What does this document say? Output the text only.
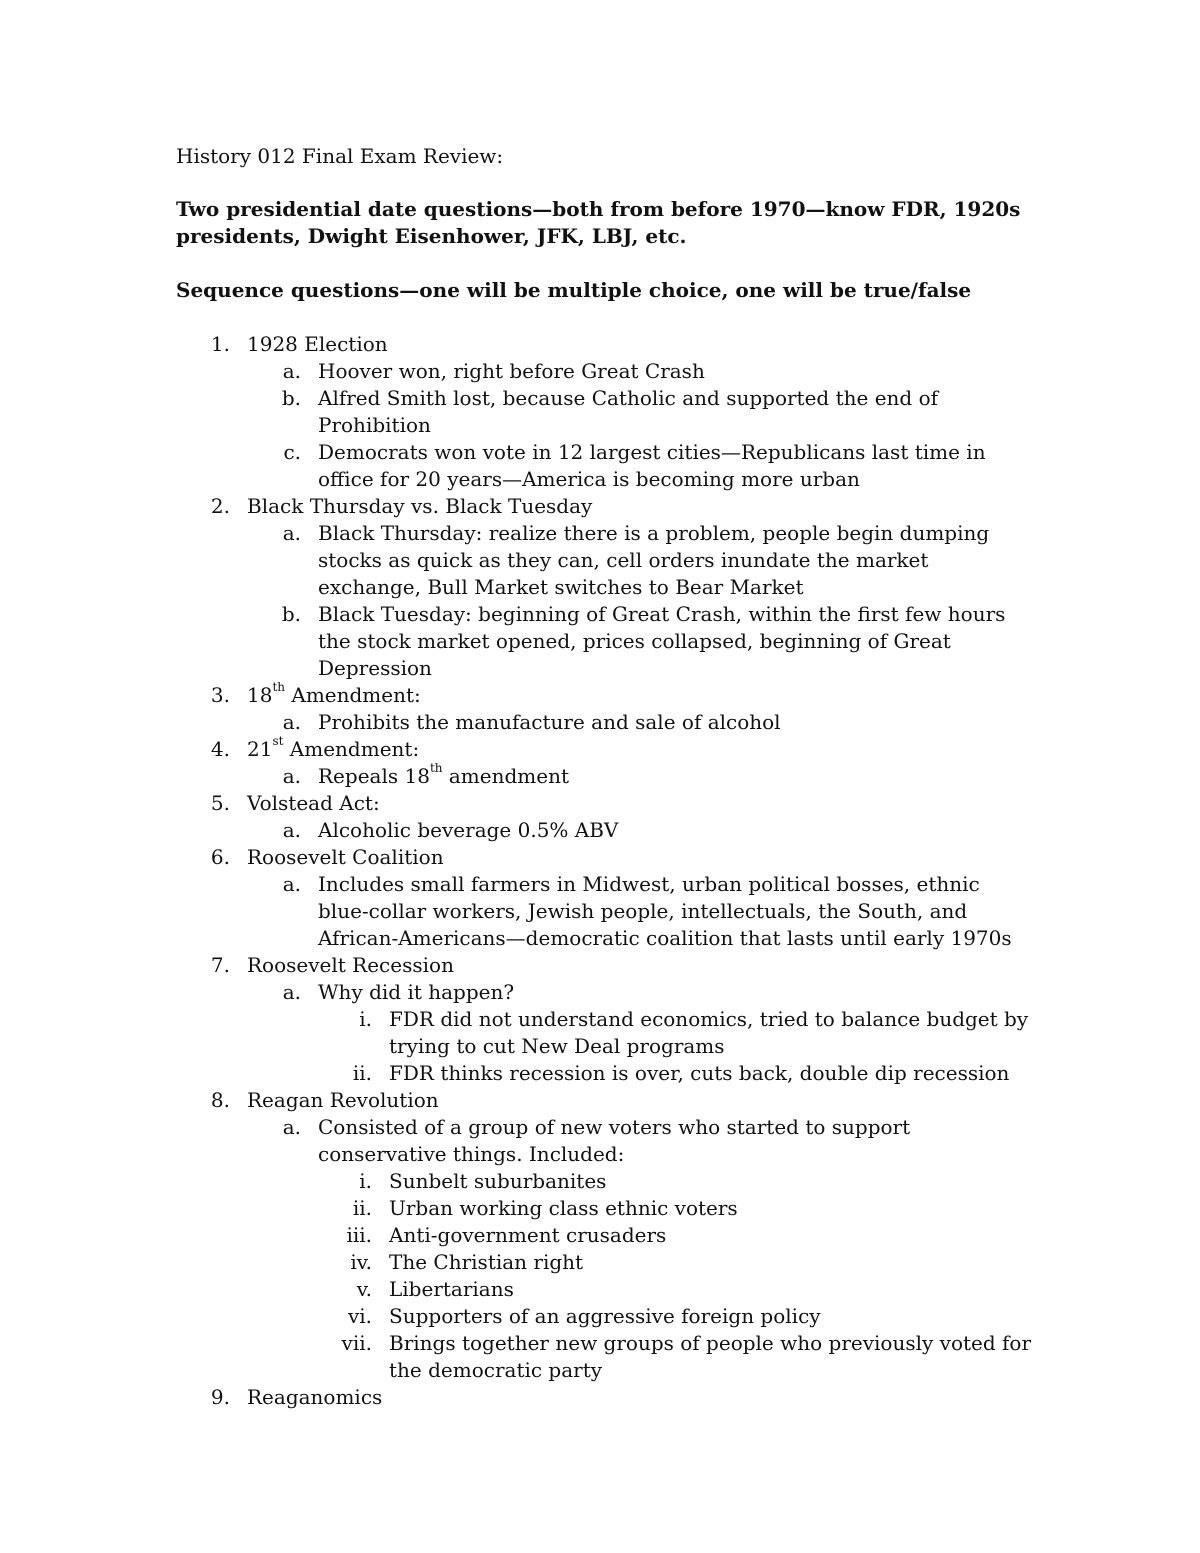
History 012 Final Exam Review:

Two presidential date questions—both from before 1970—know FDR, 1920s presidents, Dwight Eisenhower, JFK, LBJ, etc.

Sequence questions—one will be multiple choice, one will be true/false

1. 1928 Election
a. Hoover won, right before Great Crash
b. Alfred Smith lost, because Catholic and supported the end of Prohibition
c. Democrats won vote in 12 largest cities—Republicans last time in office for 20 years—America is becoming more urban
2. Black Thursday vs. Black Tuesday
a. Black Thursday: realize there is a problem, people begin dumping stocks as quick as they can, cell orders inundate the market exchange, Bull Market switches to Bear Market
b. Black Tuesday: beginning of Great Crash, within the first few hours the stock market opened, prices collapsed, beginning of Great Depression
3. 18th Amendment:
a. Prohibits the manufacture and sale of alcohol
4. 21st Amendment:
a. Repeals 18th amendment
5. Volstead Act:
a. Alcoholic beverage 0.5% ABV
6. Roosevelt Coalition
a. Includes small farmers in Midwest, urban political bosses, ethnic blue-collar workers, Jewish people, intellectuals, the South, and African-Americans—democratic coalition that lasts until early 1970s
7. Roosevelt Recession
a. Why did it happen?
i. FDR did not understand economics, tried to balance budget by trying to cut New Deal programs
ii. FDR thinks recession is over, cuts back, double dip recession
8. Reagan Revolution
a. Consisted of a group of new voters who started to support conservative things. Included:
i. Sunbelt suburbanites
ii. Urban working class ethnic voters
iii. Anti-government crusaders
iv. The Christian right
v. Libertarians
vi. Supporters of an aggressive foreign policy
vii. Brings together new groups of people who previously voted for the democratic party
9. Reaganomics
